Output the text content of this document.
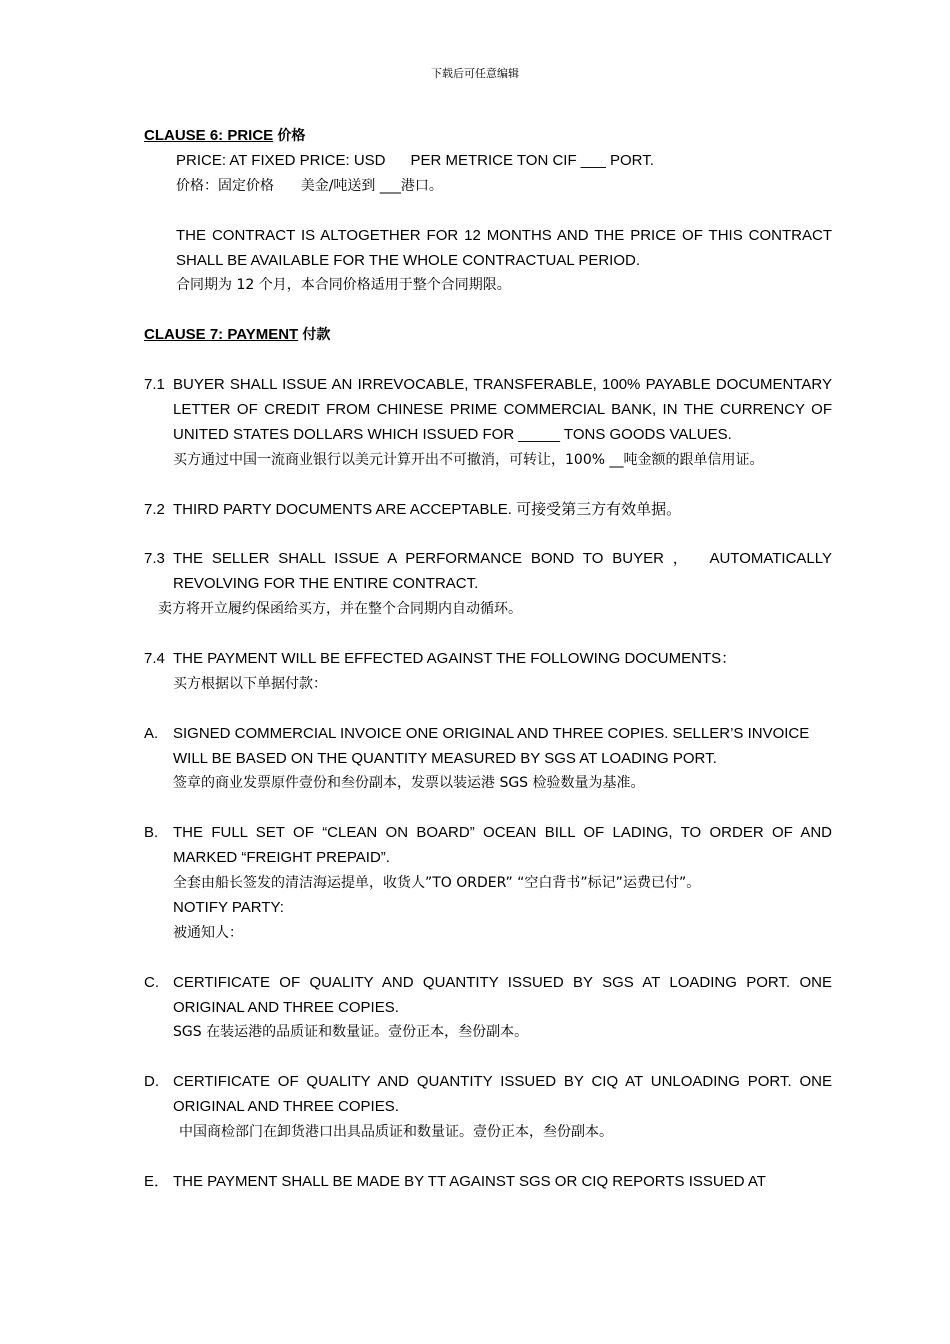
下载后可任意编辑

CLAUSE 6: PRICE 价格

PRICE: AT FIXED PRICE: USD      PER METRICE TON CIF ___ PORT.

价格：固定价格      美金/吨送到 ___港口。

THE CONTRACT IS ALTOGETHER FOR 12 MONTHS AND THE PRICE OF THIS CONTRACT SHALL BE AVAILABLE FOR THE WHOLE CONTRACTUAL PERIOD.

合同期为 12 个月，本合同价格适用于整个合同期限。

CLAUSE 7: PAYMENT 付款

7.1 BUYER SHALL ISSUE AN IRREVOCABLE, TRANSFERABLE, 100% PAYABLE DOCUMENTARY LETTER OF CREDIT FROM CHINESE PRIME COMMERCIAL BANK, IN THE CURRENCY OF UNITED STATES DOLLARS WHICH ISSUED FOR _____ TONS GOODS VALUES.

买方通过中国一流商业银行以美元计算开出不可撤消，可转让，100% __吨金额的跟单信用证。

7.2 THIRD PARTY DOCUMENTS ARE ACCEPTABLE. 可接受第三方有效单据。

7.3 THE SELLER SHALL ISSUE A PERFORMANCE BOND TO BUYER ，  AUTOMATICALLY REVOLVING FOR THE ENTIRE CONTRACT.

卖方将开立履约保函给买方，并在整个合同期内自动循环。

7.4 THE PAYMENT WILL BE EFFECTED AGAINST THE FOLLOWING DOCUMENTS：

买方根据以下单据付款：

A. SIGNED COMMERCIAL INVOICE ONE ORIGINAL AND THREE COPIES. SELLER’S INVOICE WILL BE BASED ON THE QUANTITY MEASURED BY SGS AT LOADING PORT.

签章的商业发票原件壹份和叁份副本，发票以装运港 SGS 检验数量为基准。

B. THE FULL SET OF “CLEAN ON BOARD” OCEAN BILL OF LADING, TO ORDER OF AND MARKED “FREIGHT PREPAID”.

全套由船长签发的清洁海运提单，收货人”TO ORDER” “空白背书”标记”运费已付”。

NOTIFY PARTY:

被通知人：

C. CERTIFICATE OF QUALITY AND QUANTITY ISSUED BY SGS AT LOADING PORT. ONE ORIGINAL AND THREE COPIES.

SGS 在装运港的品质证和数量证。壹份正本，叁份副本。

D. CERTIFICATE OF QUALITY AND QUANTITY ISSUED BY CIQ AT UNLOADING PORT. ONE ORIGINAL AND THREE COPIES.

中国商检部门在卸货港口出具品质证和数量证。壹份正本，叁份副本。

E． THE PAYMENT SHALL BE MADE BY TT AGAINST SGS OR CIQ REPORTS ISSUED AT
